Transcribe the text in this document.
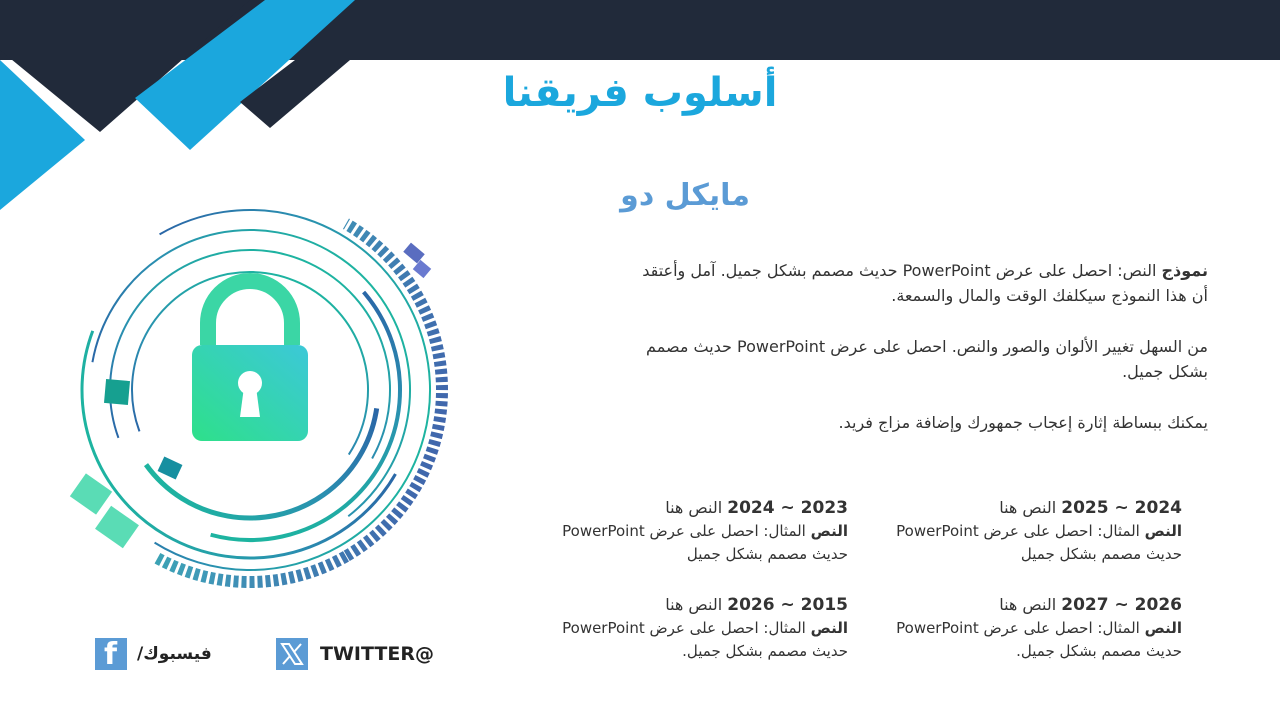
أسلوب فريقنا
مايكل دو

نموذج النص: احصل على عرض PowerPoint حديث مصمم بشكل جميل. آمل وأعتقد أن هذا النموذج سيكلفك الوقت والمال والسمعة.

من السهل تغيير الألوان والصور والنص. احصل على عرض PowerPoint حديث مصمم بشكل جميل.

يمكنك ببساطة إثارة إعجاب جمهورك وإضافة مزاج فريد.

2023 ~ 2024 النص هنا
النص المثال: احصل على عرض PowerPoint حديث مصمم بشكل جميل
2024 ~ 2025 النص هنا
النص المثال: احصل على عرض PowerPoint حديث مصمم بشكل جميل
2015 ~ 2026 النص هنا
النص المثال: احصل على عرض PowerPoint حديث مصمم بشكل جميل.
2026 ~ 2027 النص هنا
النص المثال: احصل على عرض PowerPoint حديث مصمم بشكل جميل.
f /فيسبوك	TWITTER@
